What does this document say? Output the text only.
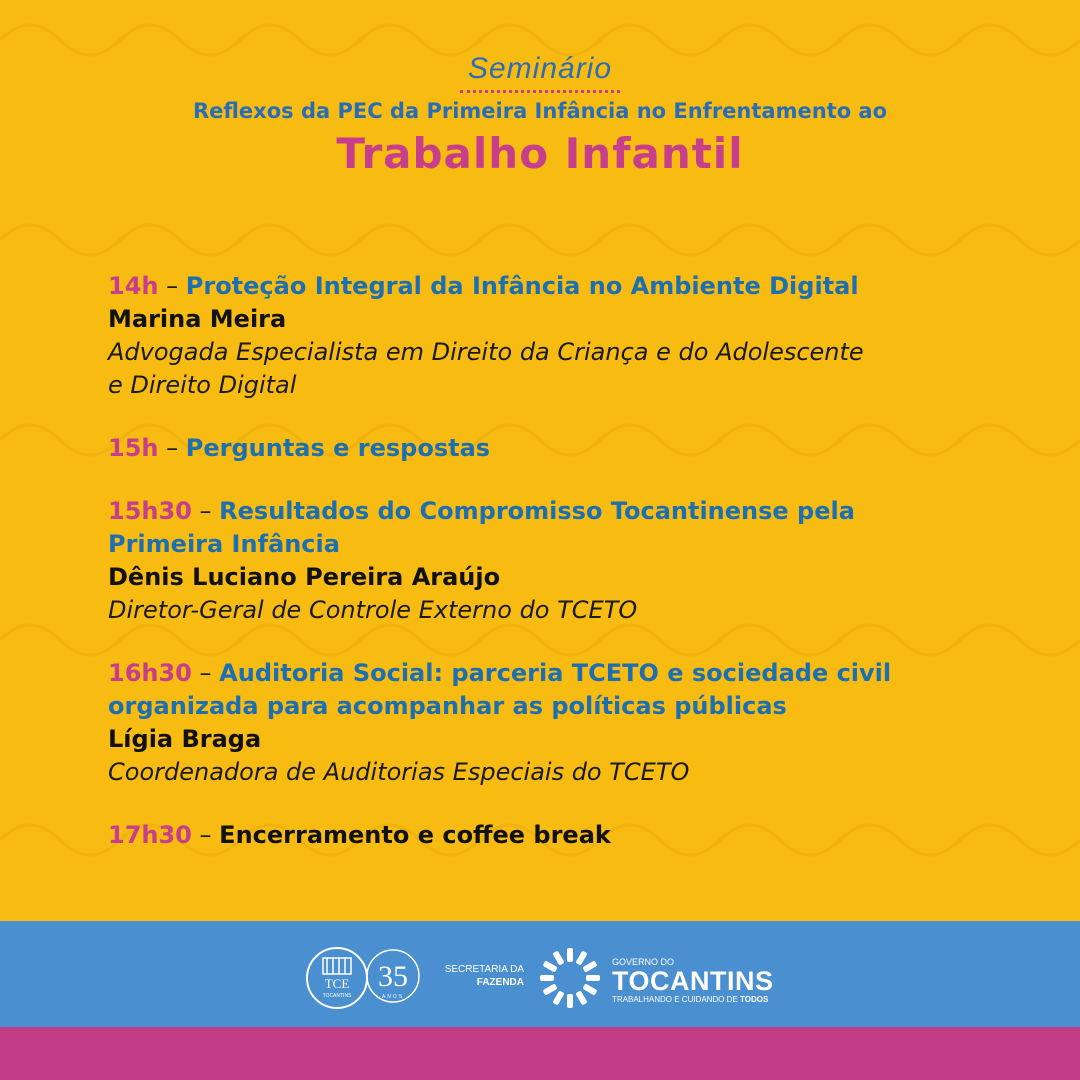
Seminário
Reflexos da PEC da Primeira Infância no Enfrentamento ao
Trabalho Infantil
14h – Proteção Integral da Infância no Ambiente Digital
Marina Meira
Advogada Especialista em Direito da Criança e do Adolescente
e Direito Digital
15h – Perguntas e respostas
15h30 – Resultados do Compromisso Tocantinense pela
Primeira Infância
Dênis Luciano Pereira Araújo
Diretor-Geral de Controle Externo do TCETO
16h30 – Auditoria Social: parceria TCETO e sociedade civil
organizada para acompanhar as políticas públicas
Lígia Braga
Coordenadora de Auditorias Especiais do TCETO
17h30 – Encerramento e coffee break
TCE
TOCANTINS
35
ANOS
SECRETARIA DA
FAZENDA
GOVERNO DO
TOCANTINS
TRABALHANDO E CUIDANDO DE TODOS
